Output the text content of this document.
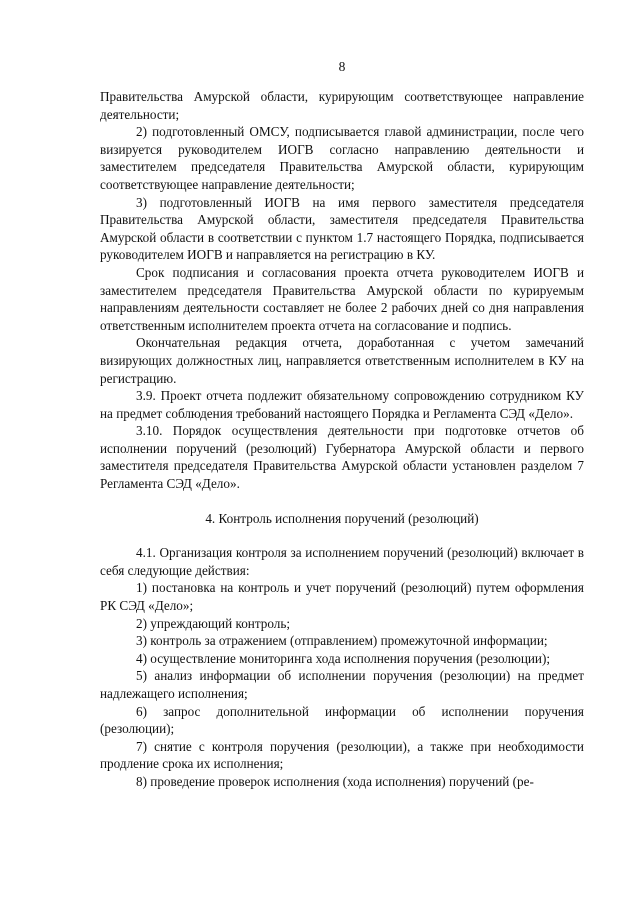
8

Правительства Амурской области, курирующим соответствующее направление деятельности;

2) подготовленный ОМСУ, подписывается главой администрации, после чего визируется руководителем ИОГВ согласно направлению деятельности и заместителем председателя Правительства Амурской области, курирующим соответствующее направление деятельности;

3) подготовленный ИОГВ на имя первого заместителя председателя Правительства Амурской области, заместителя председателя Правительства Амурской области в соответствии с пунктом 1.7 настоящего Порядка, подписывается руководителем ИОГВ и направляется на регистрацию в КУ.

Срок подписания и согласования проекта отчета руководителем ИОГВ и заместителем председателя Правительства Амурской области по курируемым направлениям деятельности составляет не более 2 рабочих дней со дня направления ответственным исполнителем проекта отчета на согласование и подпись.

Окончательная редакция отчета, доработанная с учетом замечаний визирующих должностных лиц, направляется ответственным исполнителем в КУ на регистрацию.

3.9. Проект отчета подлежит обязательному сопровождению сотрудником КУ на предмет соблюдения требований настоящего Порядка и Регламента СЭД «Дело».

3.10. Порядок осуществления деятельности при подготовке отчетов об исполнении поручений (резолюций) Губернатора Амурской области и первого заместителя председателя Правительства Амурской области установлен разделом 7 Регламента СЭД «Дело».

4. Контроль исполнения поручений (резолюций)

4.1. Организация контроля за исполнением поручений (резолюций) включает в себя следующие действия:

1) постановка на контроль и учет поручений (резолюций) путем оформления РК СЭД «Дело»;

2) упреждающий контроль;

3) контроль за отражением (отправлением) промежуточной информации;

4) осуществление мониторинга хода исполнения поручения (резолюции);

5) анализ информации об исполнении поручения (резолюции) на предмет надлежащего исполнения;

6) запрос дополнительной информации об исполнении поручения (резолюции);

7) снятие с контроля поручения (резолюции), а также при необходимости продление срока их исполнения;

8) проведение проверок исполнения (хода исполнения) поручений (ре-
